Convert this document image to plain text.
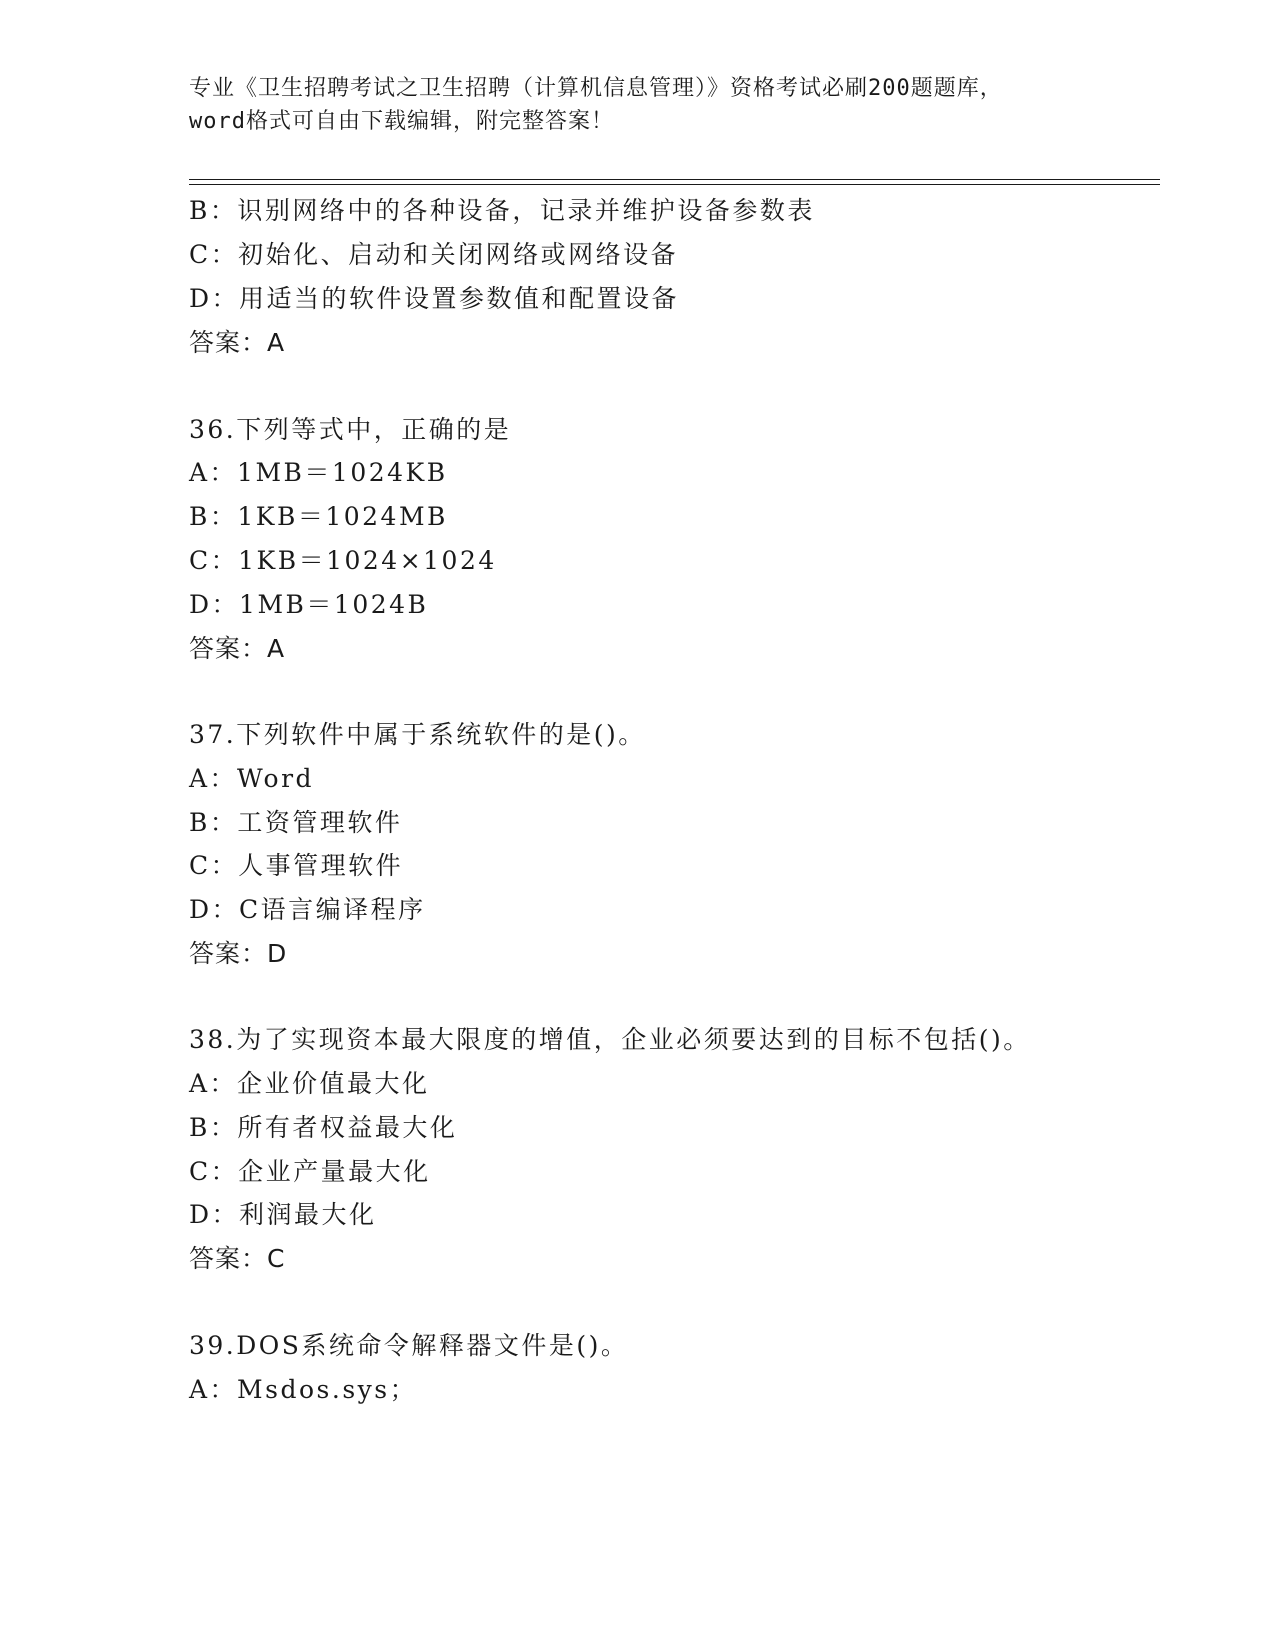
专业《卫生招聘考试之卫生招聘（计算机信息管理）》资格考试必刷200题题库，
word格式可自由下载编辑，附完整答案！
B：识别网络中的各种设备，记录并维护设备参数表
C：初始化、启动和关闭网络或网络设备
D：用适当的软件设置参数值和配置设备
答案：A
36.下列等式中，正确的是
A：1MB＝1024KB
B：1KB＝1024MB
C：1KB＝1024×1024
D：1MB＝1024B
答案：A
37.下列软件中属于系统软件的是()。
A：Word
B：工资管理软件
C：人事管理软件
D：C语言编译程序
答案：D
38.为了实现资本最大限度的增值，企业必须要达到的目标不包括()。
A：企业价值最大化
B：所有者权益最大化
C：企业产量最大化
D：利润最大化
答案：C
39.DOS系统命令解释器文件是()。
A：Msdos.sys；
